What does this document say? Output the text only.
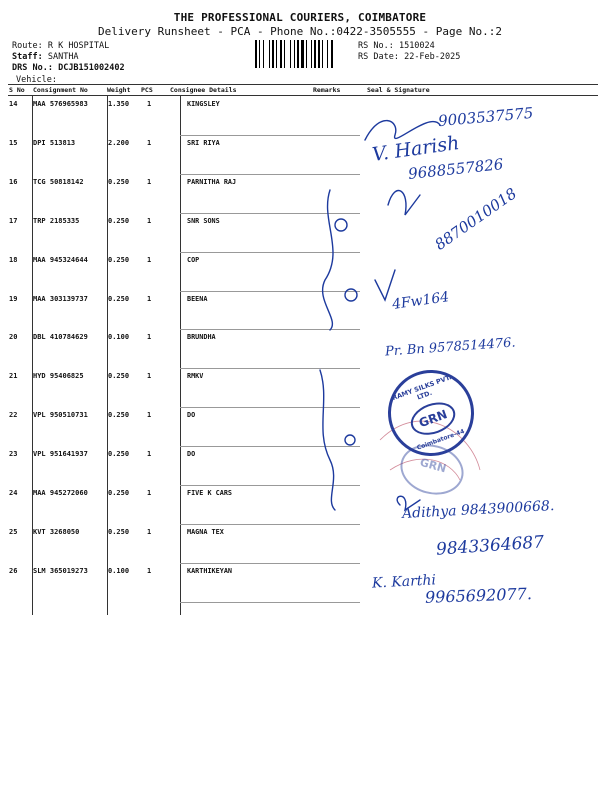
THE PROFESSIONAL COURIERS, COIMBATORE
Delivery Runsheet - PCA - Phone No.:0422-3505555 - Page No.:2
Route: R K HOSPITAL
Staff: SANTHA
DRS No.: DCJB151002402
Vehicle:
RS No.: 1510024
RS Date: 22-Feb-2025
S No Consignment No	Weight PCS	Consignee Details	Remarks	Seal & Signature
14 MAA 576965983	1.350	1	KINGSLEY
15 DPI 513813	2.200	1	SRI RIYA
16 TCG 50818142	0.250	1	PARNITHA RAJ
17 TRP 2185335	0.250	1	SNR SONS
18 MAA 945324644	0.250	1	COP
19 MAA 303139737	0.250	1	BEENA
20 DBL 410784629	0.100	1	BRUNDHA
21 HYD 95406825	0.250	1	RMKV
22 VPL 950510731	0.250	1	DO
23 VPL 951641937	0.250	1	DO
24 MAA 945272060	0.250	1	FIVE K CARS
25 KVT 3268050	0.250	1	MAGNA TEX
26 SLM 365019273	0.100	1	KARTHIKEYAN
9003537575
V. Harish
9688557826
8870010018
4Fw164
Pr. Bn 9578514476.
Adithya 9843900668.
9843364687
K. Karthi
9965692077.
RAMY SILKS PVT. LTD.
GRN
Coimbatore-44
GRN
